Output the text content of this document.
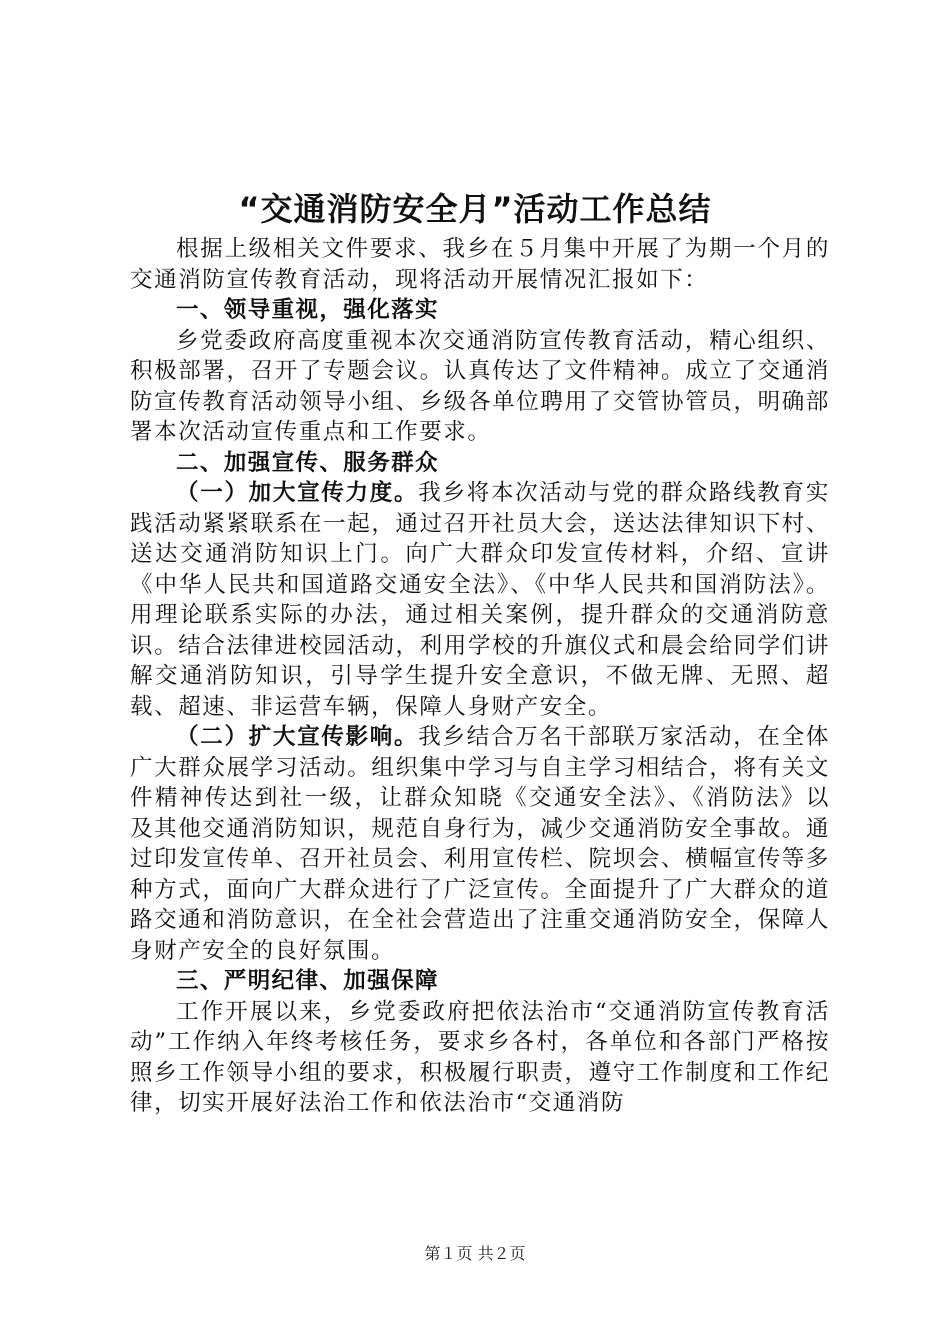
“交通消防安全月”活动工作总结

根据上级相关文件要求、我乡在５月集中开展了为期一个月的交通消防宣传教育活动，现将活动开展情况汇报如下：

一、领导重视，强化落实

乡党委政府高度重视本次交通消防宣传教育活动，精心组织、积极部署，召开了专题会议。认真传达了文件精神。成立了交通消防宣传教育活动领导小组、乡级各单位聘用了交管协管员，明确部署本次活动宣传重点和工作要求。

二、加强宣传、服务群众

（一）加大宣传力度。我乡将本次活动与党的群众路线教育实践活动紧紧联系在一起，通过召开社员大会，送达法律知识下村、送达交通消防知识上门。向广大群众印发宣传材料，介绍、宣讲《中华人民共和国道路交通安全法》、《中华人民共和国消防法》。用理论联系实际的办法，通过相关案例，提升群众的交通消防意识。结合法律进校园活动，利用学校的升旗仪式和晨会给同学们讲解交通消防知识，引导学生提升安全意识，不做无牌、无照、超载、超速、非运营车辆，保障人身财产安全。

（二）扩大宣传影响。我乡结合万名干部联万家活动，在全体广大群众展学习活动。组织集中学习与自主学习相结合，将有关文件精神传达到社一级，让群众知晓《交通安全法》、《消防法》以及其他交通消防知识，规范自身行为，减少交通消防安全事故。通过印发宣传单、召开社员会、利用宣传栏、院坝会、横幅宣传等多种方式，面向广大群众进行了广泛宣传。全面提升了广大群众的道路交通和消防意识，在全社会营造出了注重交通消防安全，保障人身财产安全的良好氛围。

三、严明纪律、加强保障

工作开展以来，乡党委政府把依法治市“交通消防宣传教育活动”工作纳入年终考核任务，要求乡各村，各单位和各部门严格按照乡工作领导小组的要求，积极履行职责，遵守工作制度和工作纪律，切实开展好法治工作和依法治市“交通消防

第１页 共２页
